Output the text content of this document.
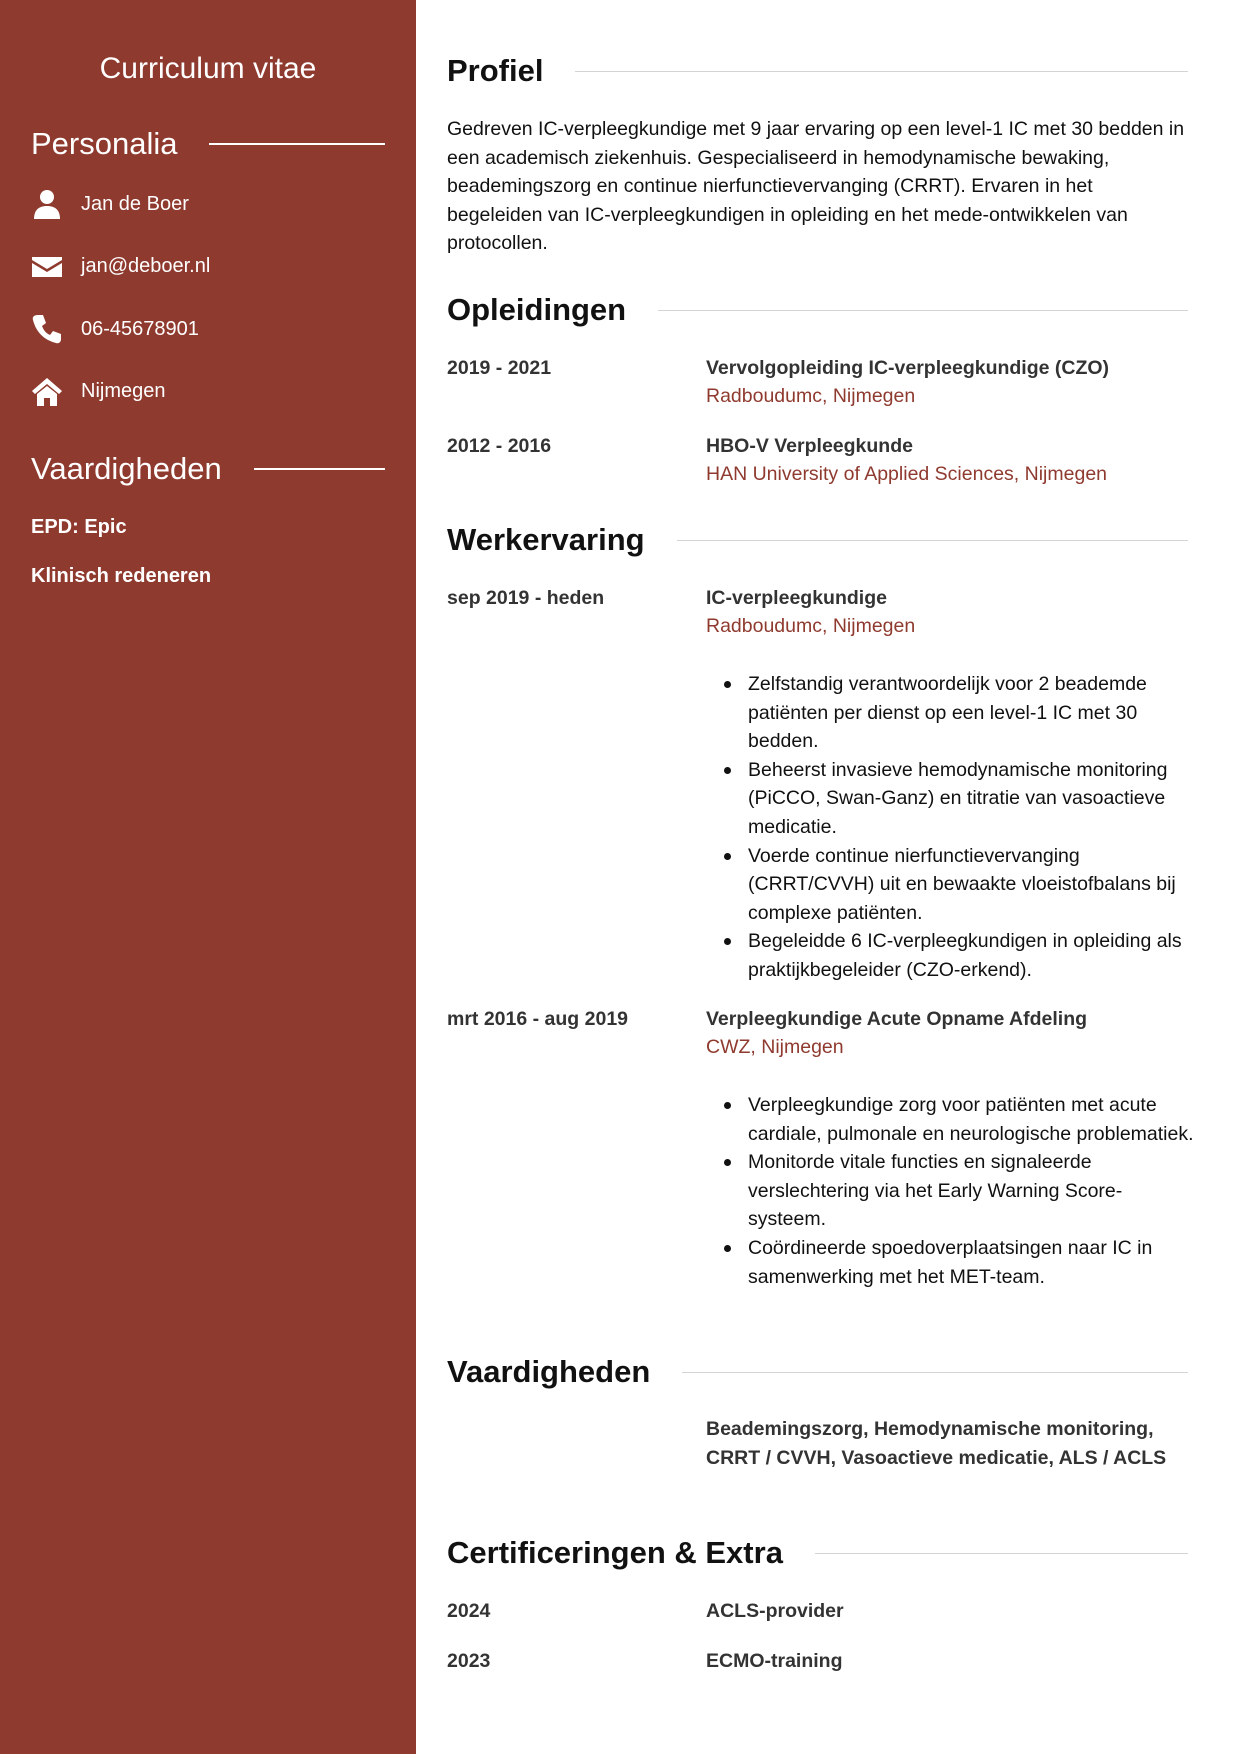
Curriculum vitae
Personalia
Jan de Boer
jan@deboer.nl
06-45678901
Nijmegen
Vaardigheden
EPD: Epic
Klinisch redeneren
Profiel
Gedreven IC-verpleegkundige met 9 jaar ervaring op een level-1 IC met 30 bedden in een academisch ziekenhuis. Gespecialiseerd in hemodynamische bewaking, beademingszorg en continue nierfunctievervanging (CRRT). Ervaren in het begeleiden van IC-verpleegkundigen in opleiding en het mede-ontwikkelen van protocollen.
Opleidingen
2019 - 2021	Vervolgopleiding IC-verpleegkundige (CZO)
Radboudumc, Nijmegen
2012 - 2016	HBO-V Verpleegkunde
HAN University of Applied Sciences, Nijmegen
Werkervaring
sep 2019 - heden	IC-verpleegkundige
Radboudumc, Nijmegen
Zelfstandig verantwoordelijk voor 2 beademde patiënten per dienst op een level-1 IC met 30 bedden.
Beheerst invasieve hemodynamische monitoring (PiCCO, Swan-Ganz) en titratie van vasoactieve medicatie.
Voerde continue nierfunctievervanging (CRRT/CVVH) uit en bewaakte vloeistofbalans bij complexe patiënten.
Begeleidde 6 IC-verpleegkundigen in opleiding als praktijkbegeleider (CZO-erkend).
mrt 2016 - aug 2019	Verpleegkundige Acute Opname Afdeling
CWZ, Nijmegen
Verpleegkundige zorg voor patiënten met acute cardiale, pulmonale en neurologische problematiek.
Monitorde vitale functies en signaleerde verslechtering via het Early Warning Score-systeem.
Coördineerde spoedoverplaatsingen naar IC in samenwerking met het MET-team.
Vaardigheden
Beademingszorg, Hemodynamische monitoring, CRRT / CVVH, Vasoactieve medicatie, ALS / ACLS
Certificeringen & Extra
2024	ACLS-provider
2023	ECMO-training
